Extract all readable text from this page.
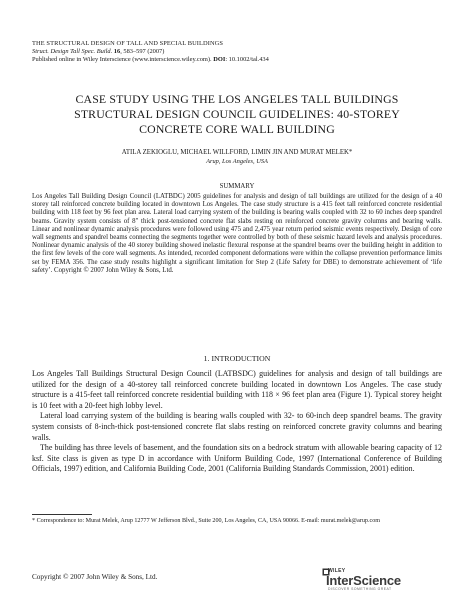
THE STRUCTURAL DESIGN OF TALL AND SPECIAL BUILDINGS
Struct. Design Tall Spec. Build. 16, 583–597 (2007)
Published online in Wiley Interscience (www.interscience.wiley.com). DOI: 10.1002/tal.434
CASE STUDY USING THE LOS ANGELES TALL BUILDINGS
STRUCTURAL DESIGN COUNCIL GUIDELINES: 40-STOREY
CONCRETE CORE WALL BUILDING
ATILA ZEKIOGLU, MICHAEL WILLFORD, LIMIN JIN AND MURAT MELEK*
Arup, Los Angeles, USA
SUMMARY
Los Angeles Tall Building Design Council (LATBDC) 2005 guidelines for analysis and design of tall buildings are utilized for the design of a 40 storey tall reinforced concrete building located in downtown Los Angeles. The case study structure is a 415 feet tall reinforced concrete residential building with 118 feet by 96 feet plan area. Lateral load carrying system of the building is bearing walls coupled with 32 to 60 inches deep spandrel beams. Gravity system consists of 8" thick post-tensioned concrete flat slabs resting on reinforced concrete gravity columns and bearing walls. Linear and nonlinear dynamic analysis procedures were followed using 475 and 2,475 year return period seismic events respectively. Design of core wall segments and spandrel beams connecting the segments together were controlled by both of these seismic hazard levels and analysis procedures. Nonlinear dynamic analysis of the 40 storey building showed inelastic flexural response at the spandrel beams over the building height in addition to the first few levels of the core wall segments. As intended, recorded component deformations were within the collapse prevention performance limits set by FEMA 356. The case study results highlight a significant limitation for Step 2 (Life Safety for DBE) to demonstrate achievement of ‘life safety’. Copyright © 2007 John Wiley & Sons, Ltd.
1. INTRODUCTION

Los Angeles Tall Buildings Structural Design Council (LATBSDC) guidelines for analysis and design of tall buildings are utilized for the design of a 40-storey tall reinforced concrete building located in downtown Los Angeles. The case study structure is a 415-feet tall reinforced concrete residential building with 118 × 96 feet plan area (Figure 1). Typical storey height is 10 feet with a 20-feet high lobby level.

Lateral load carrying system of the building is bearing walls coupled with 32- to 60-inch deep spandrel beams. The gravity system consists of 8-inch-thick post-tensioned concrete flat slabs resting on reinforced concrete gravity columns and bearing walls.

The building has three levels of basement, and the foundation sits on a bedrock stratum with allowable bearing capacity of 12 ksf. Site class is given as type D in accordance with Uniform Building Code, 1997 (International Conference of Building Officials, 1997) edition, and California Building Code, 2001 (California Building Standards Commission, 2001) edition.

* Correspondence to: Murat Melek, Arup 12777 W Jefferson Blvd., Suite 200, Los Angeles, CA, USA 90066. E-mail: murat.melek@arup.com
Copyright © 2007 John Wiley & Sons, Ltd.
WILEY
InterScience
DISCOVER SOMETHING GREAT
